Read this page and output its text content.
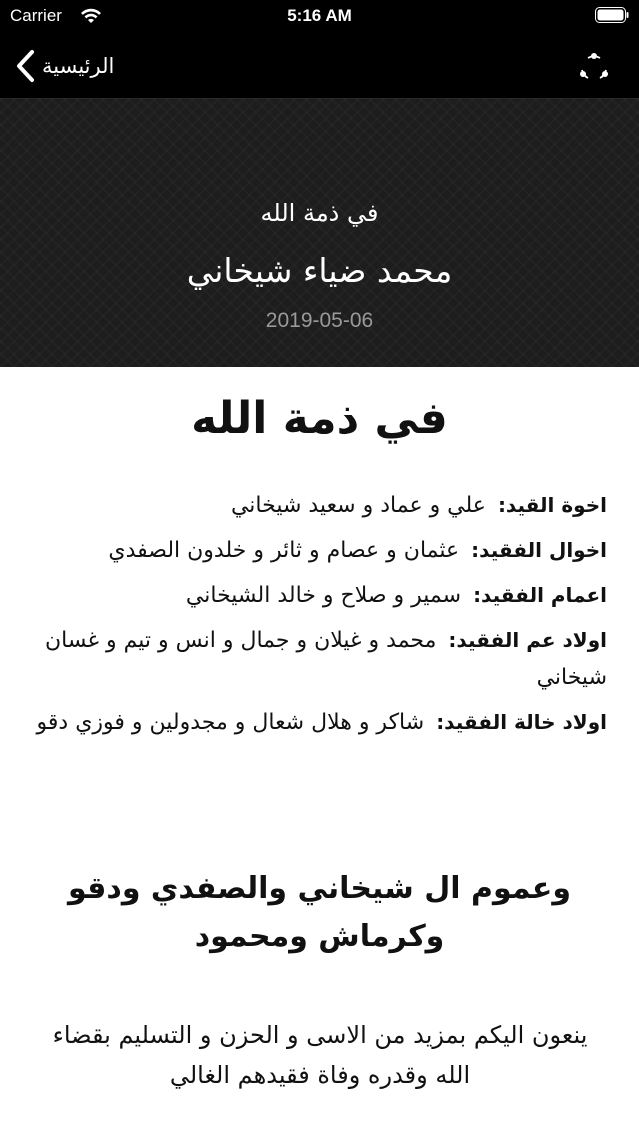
Carrier	5:16 AM
الرئيسية
في ذمة الله
محمد ضياء شيخاني
2019-05-06
في ذمة الله
اخوة القيد:علي و عماد و سعيد شيخاني
اخوال الفقيد:عثمان و عصام و ثائر و خلدون الصفدي
اعمام الفقيد:سمير و صلاح و خالد الشيخاني
اولاد عم الفقيد:محمد و غيلان و جمال و انس و تيم و غسان شيخاني
اولاد خالة الفقيد:شاكر و هلال شعال و مجدولين و فوزي دقو
وعموم ال شيخاني والصفدي ودقو وكرماش ومحمود
ينعون اليكم بمزيد من الاسى و الحزن و التسليم بقضاء الله وقدره وفاة فقيدهم الغالي
